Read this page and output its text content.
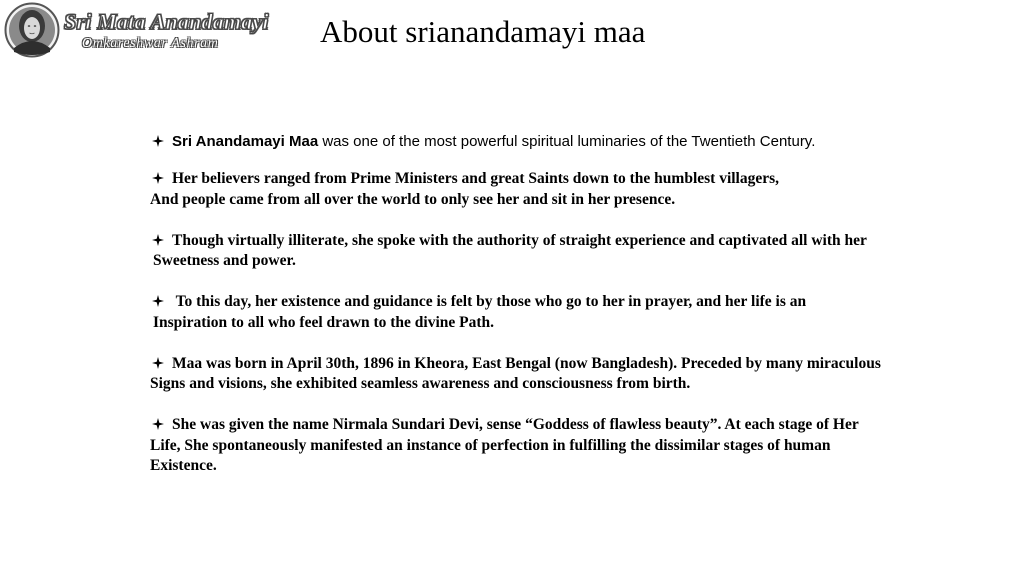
Sri Mata Anandamayi
Omkareshwar Ashram	About srianandamayi maa
Sri Anandamayi Maa was one of the most powerful spiritual luminaries of the Twentieth Century.
Her believers ranged from Prime Ministers and great Saints down to the humblest villagers,
And people came from all over the world to only see her and sit in her presence.
Though virtually illiterate, she spoke with the authority of straight experience and captivated all with her
Sweetness and power.
To this day, her existence and guidance is felt by those who go to her in prayer, and her life is an
Inspiration to all who feel drawn to the divine Path.
Maa was born in April 30th, 1896 in Kheora, East Bengal (now Bangladesh). Preceded by many miraculous
Signs and visions, she exhibited seamless awareness and consciousness from birth.
She was given the name Nirmala Sundari Devi, sense “Goddess of flawless beauty”. At each stage of Her
Life, She spontaneously manifested an instance of perfection in fulfilling the dissimilar stages of human
Existence.
